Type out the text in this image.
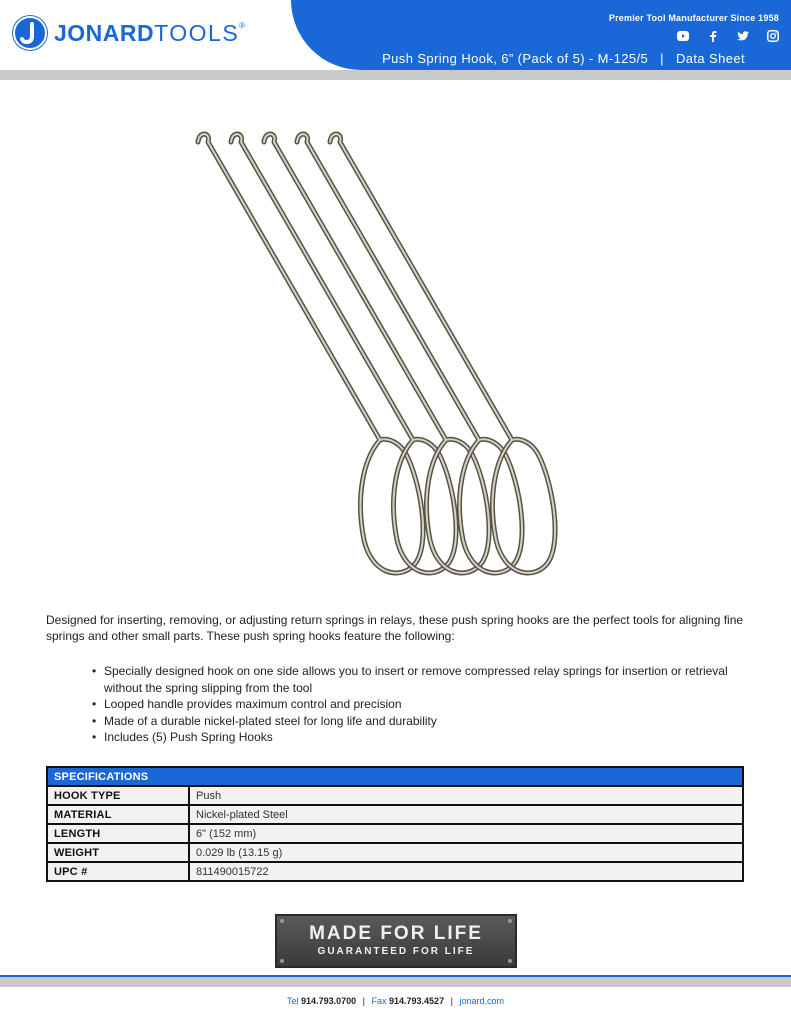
JONARDTOOLS®
Premier Tool Manufacturer Since 1958
Push Spring Hook, 6” (Pack of 5) - M-125/5 | Data Sheet
Designed for inserting, removing, or adjusting return springs in relays, these push spring hooks are the perfect tools for aligning fine springs and other small parts. These push spring hooks feature the following:
• Specially designed hook on one side allows you to insert or remove compressed relay springs for insertion or retrieval without the spring slipping from the tool
• Looped handle provides maximum control and precision
• Made of a durable nickel-plated steel for long life and durability
• Includes (5) Push Spring Hooks
SPECIFICATIONS	
HOOK TYPE	Push
MATERIAL	Nickel-plated Steel
LENGTH	6" (152 mm)
WEIGHT	0.029 lb (13.15 g)
UPC #	811490015722
MADE FOR LIFE
GUARANTEED FOR LIFE
Tel 914.793.0700 | Fax 914.793.4527 | jonard.com
